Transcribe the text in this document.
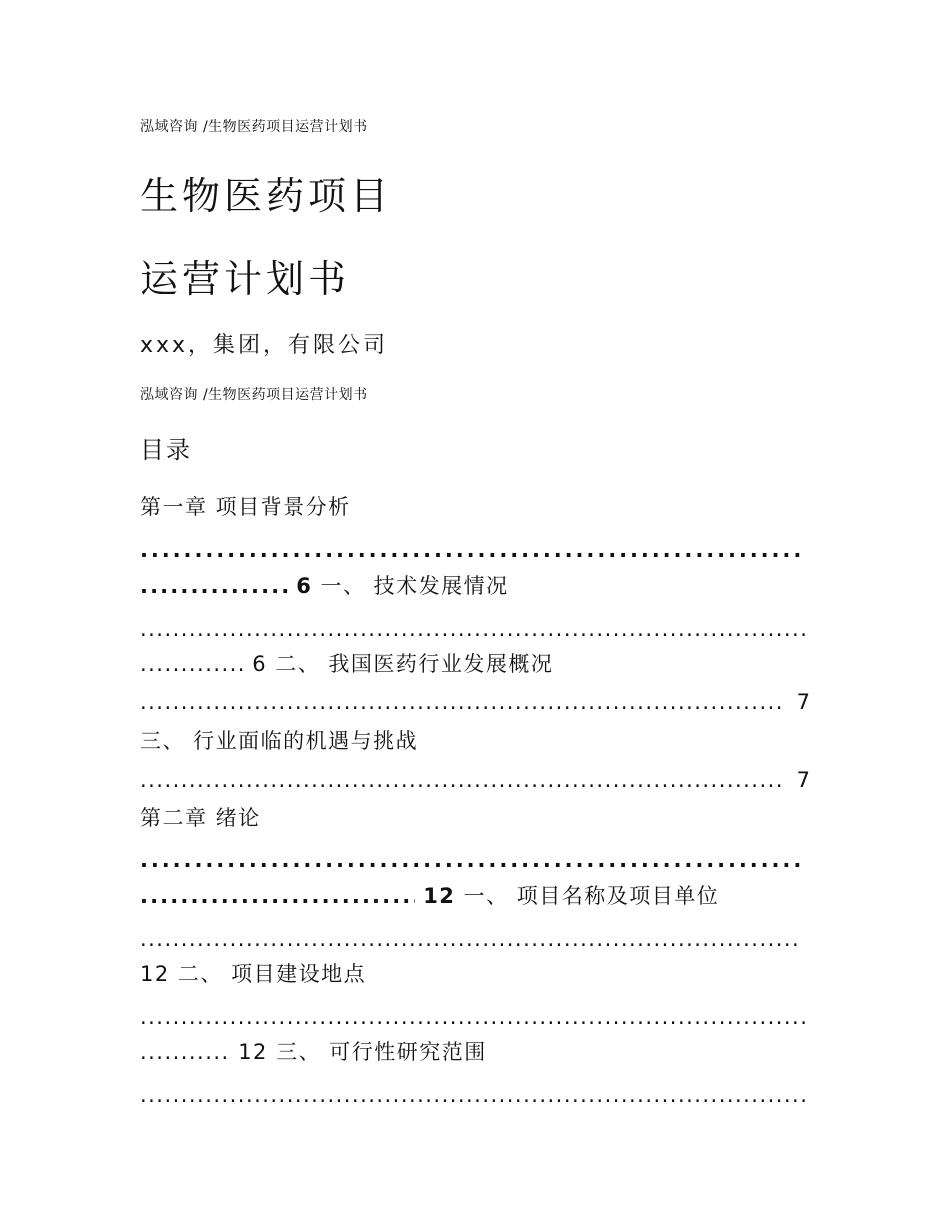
泓域咨询 /生物医药项目运营计划书
生物医药项目
运营计划书
xxx，集团，有限公司
泓域咨询 /生物医药项目运营计划书
目录
第一章 项目背景分析
. . .
. . . 6 一、 技术发展情况
. . .
. . . 6 二、 我国医药行业发展概况
. . .
7
三、 行业面临的机遇与挑战
. . .
7
第二章 绪论
. . .
. . . 12 一、 项目名称及项目单位
. . .
12 二、 项目建设地点
. . .
. . . 12 三、 可行性研究范围
. . .
